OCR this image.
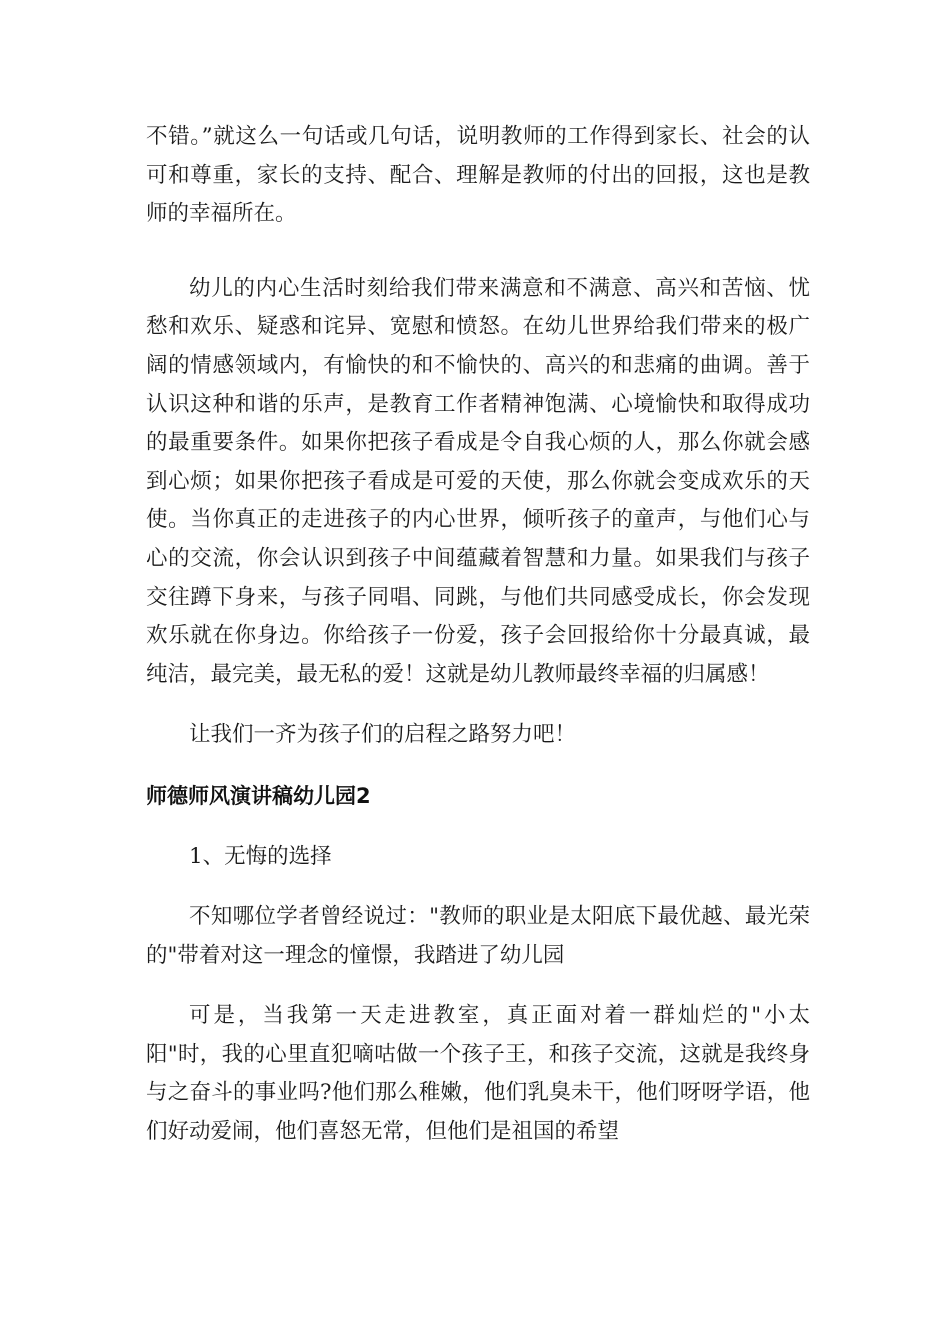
不错。”就这么一句话或几句话，说明教师的工作得到家长、社会的认可和尊重，家长的支持、配合、理解是教师的付出的回报，这也是教师的幸福所在。

幼儿的内心生活时刻给我们带来满意和不满意、高兴和苦恼、忧愁和欢乐、疑惑和诧异、宽慰和愤怒。在幼儿世界给我们带来的极广阔的情感领域内，有愉快的和不愉快的、高兴的和悲痛的曲调。善于认识这种和谐的乐声，是教育工作者精神饱满、心境愉快和取得成功的最重要条件。如果你把孩子看成是令自我心烦的人，那么你就会感到心烦；如果你把孩子看成是可爱的天使，那么你就会变成欢乐的天使。当你真正的走进孩子的内心世界，倾听孩子的童声，与他们心与心的交流，你会认识到孩子中间蕴藏着智慧和力量。如果我们与孩子交往蹲下身来，与孩子同唱、同跳，与他们共同感受成长，你会发现欢乐就在你身边。你给孩子一份爱，孩子会回报给你十分最真诚，最纯洁，最完美，最无私的爱！这就是幼儿教师最终幸福的归属感！

让我们一齐为孩子们的启程之路努力吧！

师德师风演讲稿幼儿园2

1、无悔的选择

不知哪位学者曾经说过："教师的职业是太阳底下最优越、最光荣的"带着对这一理念的憧憬，我踏进了幼儿园

可是，当我第一天走进教室，真正面对着一群灿烂的"小太阳"时，我的心里直犯嘀咕做一个孩子王，和孩子交流，这就是我终身与之奋斗的事业吗?他们那么稚嫩，他们乳臭未干，他们呀呀学语，他们好动爱闹，他们喜怒无常，但他们是祖国的希望
